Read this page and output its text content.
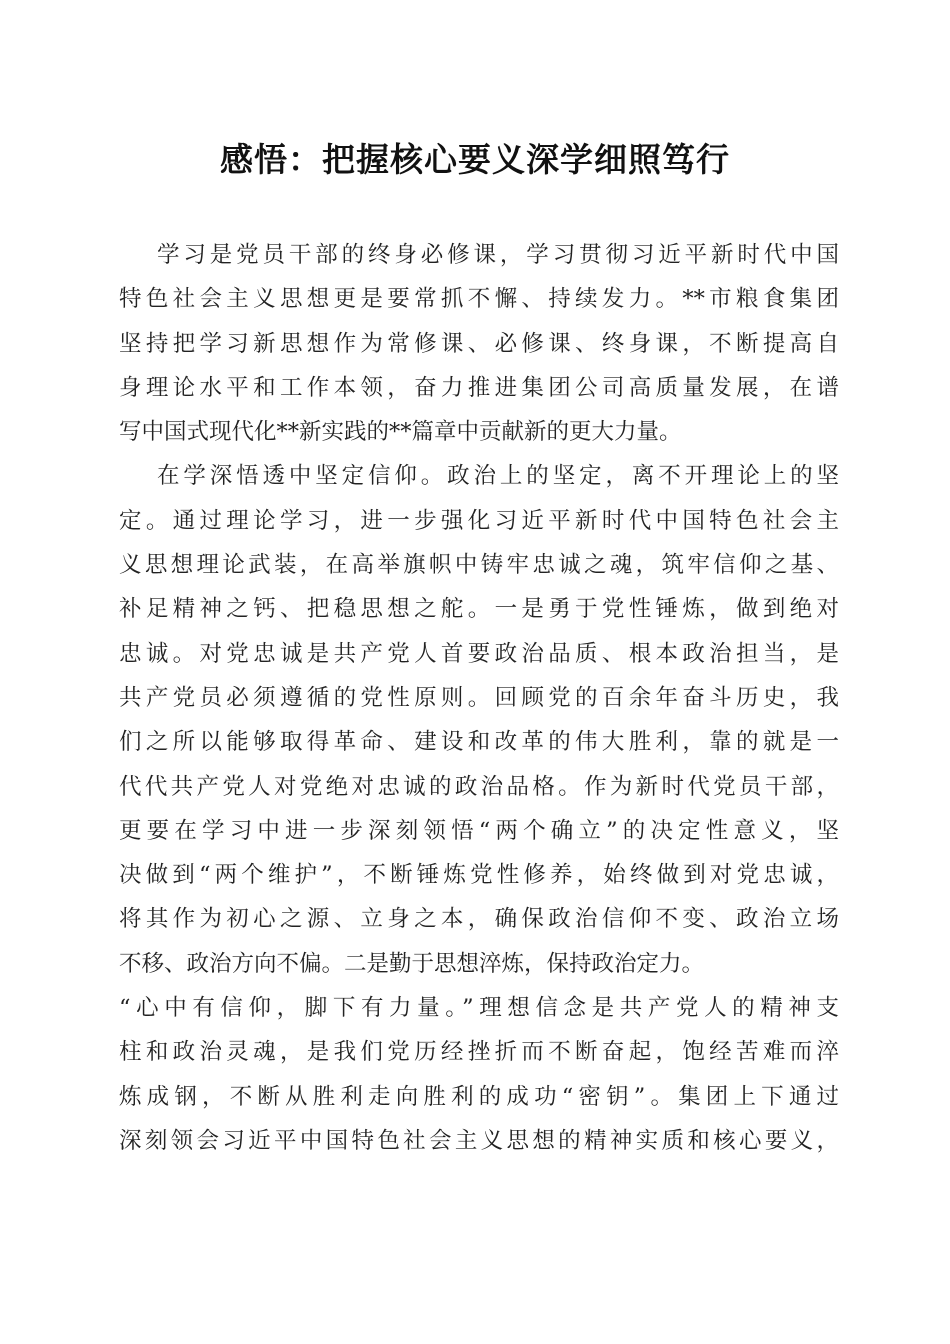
感悟：把握核心要义深学细照笃行
学习是党员干部的终身必修课，学习贯彻习近平新时代中国
特色社会主义思想更是要常抓不懈、持续发力。**市粮食集团
坚持把学习新思想作为常修课、必修课、终身课，不断提高自
身理论水平和工作本领，奋力推进集团公司高质量发展，在谱
写中国式现代化**新实践的**篇章中贡献新的更大力量。
在学深悟透中坚定信仰。政治上的坚定，离不开理论上的坚
定。通过理论学习，进一步强化习近平新时代中国特色社会主
义思想理论武装，在高举旗帜中铸牢忠诚之魂，筑牢信仰之基、
补足精神之钙、把稳思想之舵。一是勇于党性锤炼，做到绝对
忠诚。对党忠诚是共产党人首要政治品质、根本政治担当，是
共产党员必须遵循的党性原则。回顾党的百余年奋斗历史，我
们之所以能够取得革命、建设和改革的伟大胜利，靠的就是一
代代共产党人对党绝对忠诚的政治品格。作为新时代党员干部，
更要在学习中进一步深刻领悟“两个确立”的决定性意义，坚
决做到“两个维护”，不断锤炼党性修养，始终做到对党忠诚，
将其作为初心之源、立身之本，确保政治信仰不变、政治立场
不移、政治方向不偏。二是勤于思想淬炼，保持政治定力。
“心中有信仰，脚下有力量。”理想信念是共产党人的精神支
柱和政治灵魂，是我们党历经挫折而不断奋起，饱经苦难而淬
炼成钢，不断从胜利走向胜利的成功“密钥”。集团上下通过
深刻领会习近平中国特色社会主义思想的精神实质和核心要义，
